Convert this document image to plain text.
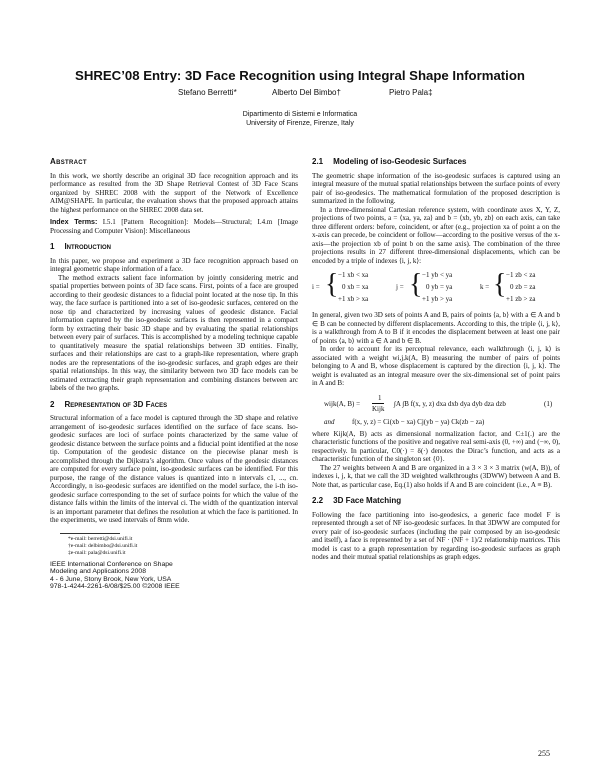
SHREC’08 Entry: 3D Face Recognition using Integral Shape Information
Stefano Berretti*	Alberto Del Bimbo†	Pietro Pala‡
Dipartimento di Sistemi e Informatica
University of Firenze, Firenze, Italy
Abstract

In this work, we shortly describe an original 3D face recognition approach and its performance as resulted from the 3D Shape Retrieval Contest of 3D Face Scans organized by SHREC 2008 with the support of the Network of Excellence AIM@SHAPE. In particular, the evaluation shows that the proposed approach attains the highest performance on the SHREC 2008 data set.

Index Terms: I.5.1 [Pattern Recognition]: Models—Structural; I.4.m [Image Processing and Computer Vision]: Miscellaneous

1 Introduction

In this paper, we propose and experiment a 3D face recognition approach based on integral geometric shape information of a face.

The method extracts salient face information by jointly considering metric and spatial properties between points of 3D face scans. First, points of a face are grouped according to their geodesic distances to a fiducial point located at the nose tip. In this way, the face surface is partitioned into a set of iso-geodesic surfaces, centered on the nose tip and characterized by increasing values of geodesic distance. Facial information captured by the iso-geodesic surfaces is then represented in a compact form by extracting their basic 3D shape and by evaluating the spatial relationships between every pair of surfaces. This is accomplished by a modeling technique capable to quantitatively measure the spatial relationships between 3D entities. Finally, surfaces and their relationships are cast to a graph-like representation, where graph nodes are the representations of the iso-geodesic surfaces, and graph edges are their spatial relationships. In this way, the similarity between two 3D face models can be estimated extracting their graph representation and combining distances between arc labels of the two graphs.

2 Representation of 3D Faces

Structural information of a face model is captured through the 3D shape and relative arrangement of iso-geodesic surfaces identified on the surface of face scans. Iso-geodesic surfaces are loci of surface points characterized by the same value of geodesic distance between the surface points and a fiducial point identified at the nose tip. Computation of the geodesic distance on the piecewise planar mesh is accomplished through the Dijkstra’s algorithm. Once values of the geodesic distances are computed for every surface point, iso-geodesic surfaces can be identified. For this purpose, the range of the distance values is quantized into n intervals c1, ..., cn. Accordingly, n iso-geodesic surfaces are identified on the model surface, the i-th iso-geodesic surface corresponding to the set of surface points for which the value of the distance falls within the limits of the interval ci. The width of the quantization interval is an important parameter that defines the resolution at which the face is partitioned. In the experiments, we used intervals of 8mm wide.

*e-mail: berretti@dsi.unifi.it
†e-mail: delbimbo@dsi.unifi.it
‡e-mail: pala@dsi.unifi.it
IEEE International Conference on Shape
Modeling and Applications 2008
4 - 6 June, Stony Brook, New York, USA
978-1-4244-2261-6/08/$25.00 ©2008 IEEE
2.1 Modeling of iso-Geodesic Surfaces

The geometric shape information of the iso-geodesic surfaces is captured using an integral measure of the mutual spatial relationships between the surface points of every pair of iso-geodesics. The mathematical formulation of the proposed description is summarized in the following.

In a three-dimensional Cartesian reference system, with coordinate axes X, Y, Z, projections of two points, a = ⟨xa, ya, za⟩ and b = ⟨xb, yb, zb⟩ on each axis, can take three different orders: before, coincident, or after (e.g., projection xa of point a on the x-axis can precede, be coincident or follow—according to the positive versus of the x-axis—the projection xb of point b on the same axis). The combination of the three projections results in 27 different three-dimensional displacements, which can be encoded by a triple of indexes ⟨i, j, k⟩:

i = { −1 xb < xa
0 xb = xa
+1 xb > xa
j = { −1 yb < ya
0 yb = ya
+1 yb > ya
k = { −1 zb < za
0 zb = za
+1 zb > za

In general, given two 3D sets of points A and B, pairs of points ⟨a, b⟩ with a ∈ A and b ∈ B can be connected by different displacements. According to this, the triple ⟨i, j, k⟩, is a walkthrough from A to B if it encodes the displacement between at least one pair of points ⟨a, b⟩ with a ∈ A and b ∈ B.

In order to account for its perceptual relevance, each walkthrough ⟨i, j, k⟩ is associated with a weight wi,j,k(A, B) measuring the number of pairs of points belonging to A and B, whose displacement is captured by the direction ⟨i, j, k⟩. The weight is evaluated as an integral measure over the six-dimensional set of point pairs in A and B:

wijk(A, B) =
1
Kijk
∫A ∫B f(x, y, z) dxa dxb dya dyb dza dzb	(1)
and	f(x, y, z) = Ci(xb − xa) Cj(yb − ya) Ck(zb − za)

where Kijk(A, B) acts as dimensional normalization factor, and C±1(.) are the characteristic functions of the positive and negative real semi-axis (0, +∞) and (−∞, 0), respectively. In particular, C0(·) = δ(·) denotes the Dirac’s function, and acts as a characteristic function of the singleton set {0}.

The 27 weights between A and B are organized in a 3 × 3 × 3 matrix (w(A, B)), of indexes i, j, k, that we call the 3D weighted walkthroughs (3DWW) between A and B. Note that, as particular case, Eq.(1) also holds if A and B are coincident (i.e., A ≡ B).

2.2 3D Face Matching

Following the face partitioning into iso-geodesics, a generic face model F is represented through a set of NF iso-geodesic surfaces. In that 3DWW are computed for every pair of iso-geodesic surfaces (including the pair composed by an iso-geodesic and itself), a face is represented by a set of NF · (NF + 1)/2 relationship matrices. This model is cast to a graph representation by regarding iso-geodesic surfaces as graph nodes and their mutual spatial relationships as graph edges.

255
